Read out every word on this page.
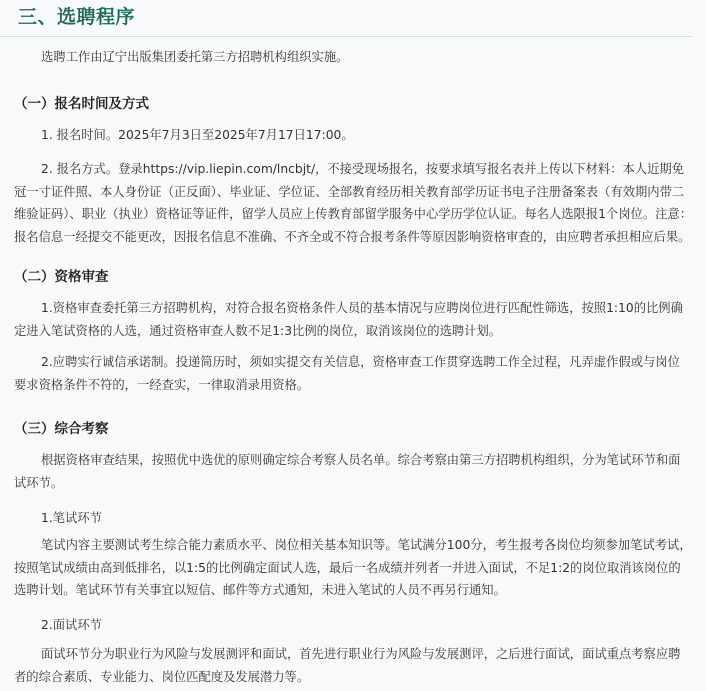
三、选聘程序

选聘工作由辽宁出版集团委托第三方招聘机构组织实施。

（一）报名时间及方式

1. 报名时间。2025年7月3日至2025年7月17日17:00。

2. 报名方式。登录https://vip.liepin.com/lncbjt/，不接受现场报名，按要求填写报名表并上传以下材料：本人近期免冠一寸证件照、本人身份证（正反面）、毕业证、学位证、全部教育经历相关教育部学历证书电子注册备案表（有效期内带二维验证码）、职业（执业）资格证等证件，留学人员应上传教育部留学服务中心学历学位认证。每名人选限报1个岗位。注意：报名信息一经提交不能更改，因报名信息不准确、不齐全或不符合报考条件等原因影响资格审查的，由应聘者承担相应后果。

（二）资格审查

1.资格审查委托第三方招聘机构，对符合报名资格条件人员的基本情况与应聘岗位进行匹配性筛选，按照1:10的比例确定进入笔试资格的人选，通过资格审查人数不足1:3比例的岗位，取消该岗位的选聘计划。

2.应聘实行诚信承诺制。投递简历时，须如实提交有关信息，资格审查工作贯穿选聘工作全过程，凡弄虚作假或与岗位要求资格条件不符的，一经查实，一律取消录用资格。

（三）综合考察

根据资格审查结果，按照优中选优的原则确定综合考察人员名单。综合考察由第三方招聘机构组织，分为笔试环节和面试环节。

1.笔试环节

笔试内容主要测试考生综合能力素质水平、岗位相关基本知识等。笔试满分100分，考生报考各岗位均须参加笔试考试，按照笔试成绩由高到低排名，以1:5的比例确定面试人选，最后一名成绩并列者一并进入面试，不足1:2的岗位取消该岗位的选聘计划。笔试环节有关事宜以短信、邮件等方式通知，未进入笔试的人员不再另行通知。

2.面试环节

面试环节分为职业行为风险与发展测评和面试，首先进行职业行为风险与发展测评，之后进行面试，面试重点考察应聘者的综合素质、专业能力、岗位匹配度及发展潜力等。
